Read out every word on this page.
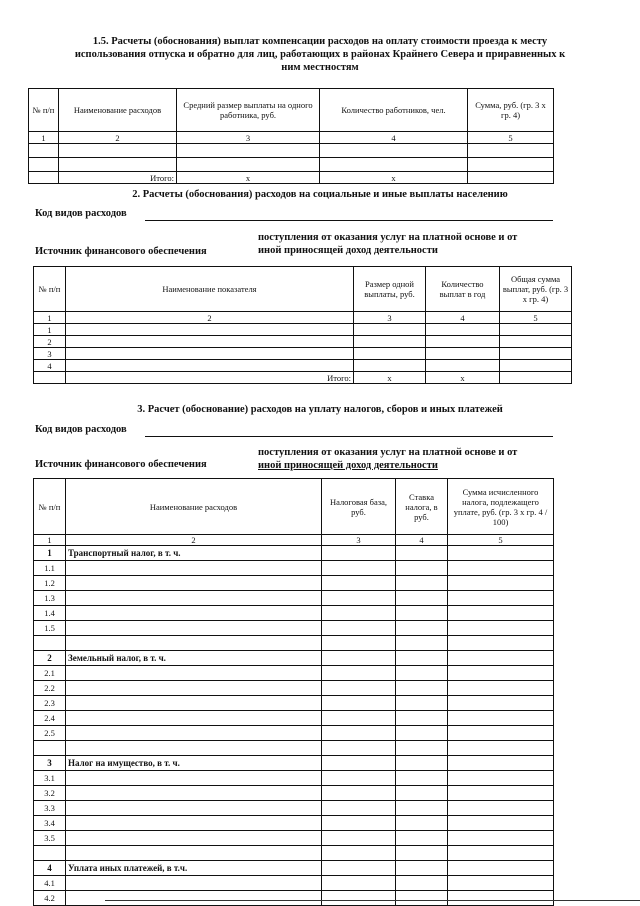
1.5. Расчеты (обоснования) выплат компенсации расходов на оплату стоимости проезда к месту
использования отпуска и обратно для лиц, работающих в районах Крайнего Севера и приравненных к
ним местностям
№ п/п	Наименование расходов	Средний размер выплаты на одного работника, руб.	Количество работников, чел.	Сумма, руб. (гр. 3 х гр. 4)
1	2	3	4	5

	Итого:	х	х	
2. Расчеты (обоснования) расходов на социальные и иные выплаты населению
Код видов расходов
Источник финансового обеспечения
поступления от оказания услуг на платной основе и от
иной приносящей доход деятельности
№ п/п	Наименование показателя	Размер одной выплаты, руб.	Количество выплат в год	Общая сумма выплат, руб. (гр. 3 х гр. 4)
1	2	3	4	5
1				
2				
3				
4				
	Итого:	х	х	
3. Расчет (обоснование) расходов на уплату налогов, сборов и иных платежей
Код видов расходов
Источник финансового обеспечения
поступления от оказания услуг на платной основе и от
иной приносящей доход деятельности
№ п/п	Наименование расходов	Налоговая база, руб.	Ставка налога, в руб.	Сумма исчисленного налога, подлежащего уплате, руб. (гр. 3 х гр. 4 / 100)
1	2	3	4	5
1	Транспортный налог, в т. ч.			
1.1				
1.2				
1.3				
1.4				
1.5				

2	Земельный налог, в т. ч.			
2.1				
2.2				
2.3				
2.4				
2.5				

3	Налог на имущество, в т. ч.			
3.1				
3.2				
3.3				
3.4				
3.5				

4	Уплата иных платежей, в т.ч.			
4.1				
4.2				
